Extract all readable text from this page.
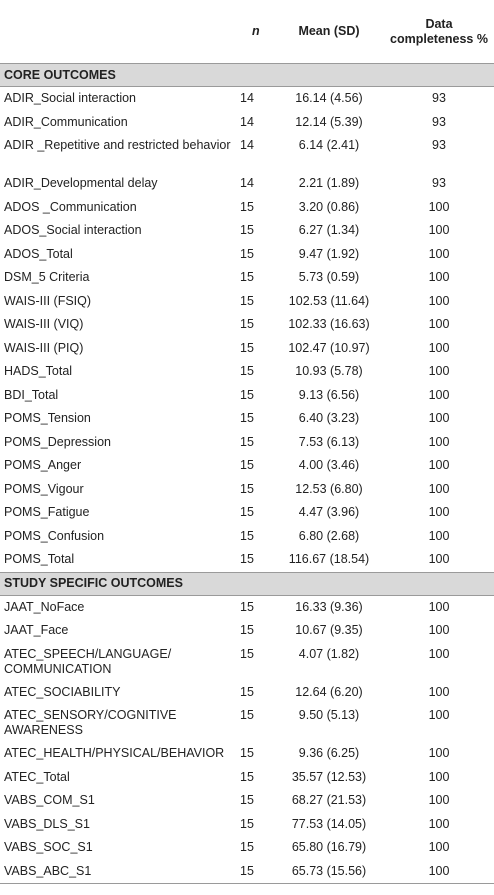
	n	Mean (SD)	Data completeness %
CORE OUTCOMES			
ADIR_Social interaction	14	16.14 (4.56)	93
ADIR_Communication	14	12.14 (5.39)	93
ADIR _Repetitive and restricted behavior	14	6.14 (2.41)	93
ADIR_Developmental delay	14	2.21 (1.89)	93
ADOS _Communication	15	3.20 (0.86)	100
ADOS_Social interaction	15	6.27 (1.34)	100
ADOS_Total	15	9.47 (1.92)	100
DSM_5 Criteria	15	5.73 (0.59)	100
WAIS-III (FSIQ)	15	102.53 (11.64)	100
WAIS-III (VIQ)	15	102.33 (16.63)	100
WAIS-III (PIQ)	15	102.47 (10.97)	100
HADS_Total	15	10.93 (5.78)	100
BDI_Total	15	9.13 (6.56)	100
POMS_Tension	15	6.40 (3.23)	100
POMS_Depression	15	7.53 (6.13)	100
POMS_Anger	15	4.00 (3.46)	100
POMS_Vigour	15	12.53 (6.80)	100
POMS_Fatigue	15	4.47 (3.96)	100
POMS_Confusion	15	6.80 (2.68)	100
POMS_Total	15	116.67 (18.54)	100
STUDY SPECIFIC OUTCOMES			
JAAT_NoFace	15	16.33 (9.36)	100
JAAT_Face	15	10.67 (9.35)	100
ATEC_SPEECH/LANGUAGE/ COMMUNICATION	15	4.07 (1.82)	100
ATEC_SOCIABILITY	15	12.64 (6.20)	100
ATEC_SENSORY/COGNITIVE AWARENESS	15	9.50 (5.13)	100
ATEC_HEALTH/PHYSICAL/BEHAVIOR	15	9.36 (6.25)	100
ATEC_Total	15	35.57 (12.53)	100
VABS_COM_S1	15	68.27 (21.53)	100
VABS_DLS_S1	15	77.53 (14.05)	100
VABS_SOC_S1	15	65.80 (16.79)	100
VABS_ABC_S1	15	65.73 (15.56)	100
